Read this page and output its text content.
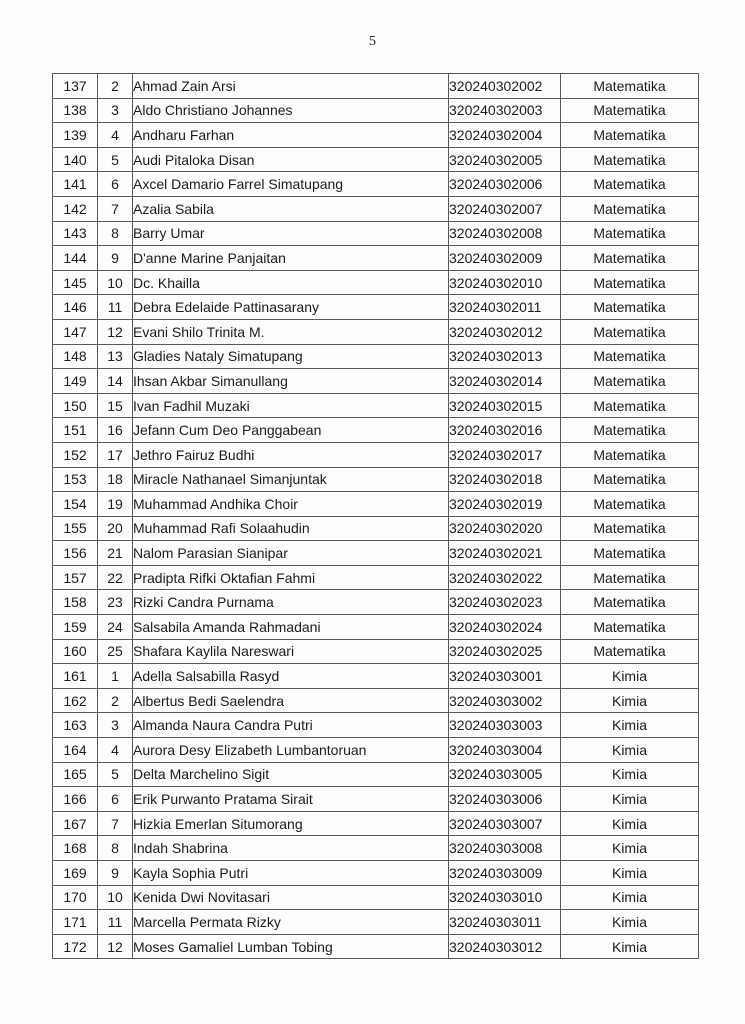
5
137	2	Ahmad Zain Arsi	320240302002	Matematika
138	3	Aldo Christiano Johannes	320240302003	Matematika
139	4	Andharu Farhan	320240302004	Matematika
140	5	Audi Pitaloka Disan	320240302005	Matematika
141	6	Axcel Damario Farrel Simatupang	320240302006	Matematika
142	7	Azalia Sabila	320240302007	Matematika
143	8	Barry Umar	320240302008	Matematika
144	9	D'anne Marine Panjaitan	320240302009	Matematika
145	10	Dc. Khailla	320240302010	Matematika
146	11	Debra Edelaide Pattinasarany	320240302011	Matematika
147	12	Evani Shilo Trinita M.	320240302012	Matematika
148	13	Gladies Nataly Simatupang	320240302013	Matematika
149	14	Ihsan Akbar Simanullang	320240302014	Matematika
150	15	Ivan Fadhil Muzaki	320240302015	Matematika
151	16	Jefann Cum Deo Panggabean	320240302016	Matematika
152	17	Jethro Fairuz Budhi	320240302017	Matematika
153	18	Miracle Nathanael Simanjuntak	320240302018	Matematika
154	19	Muhammad Andhika Choir	320240302019	Matematika
155	20	Muhammad Rafi Solaahudin	320240302020	Matematika
156	21	Nalom Parasian Sianipar	320240302021	Matematika
157	22	Pradipta Rifki Oktafian Fahmi	320240302022	Matematika
158	23	Rizki Candra Purnama	320240302023	Matematika
159	24	Salsabila Amanda Rahmadani	320240302024	Matematika
160	25	Shafara Kaylila Nareswari	320240302025	Matematika
161	1	Adella Salsabilla Rasyd	320240303001	Kimia
162	2	Albertus Bedi Saelendra	320240303002	Kimia
163	3	Almanda Naura Candra Putri	320240303003	Kimia
164	4	Aurora Desy Elizabeth Lumbantoruan	320240303004	Kimia
165	5	Delta Marchelino Sigit	320240303005	Kimia
166	6	Erik Purwanto Pratama Sirait	320240303006	Kimia
167	7	Hizkia Emerlan Situmorang	320240303007	Kimia
168	8	Indah Shabrina	320240303008	Kimia
169	9	Kayla Sophia Putri	320240303009	Kimia
170	10	Kenida Dwi Novitasari	320240303010	Kimia
171	11	Marcella Permata Rizky	320240303011	Kimia
172	12	Moses Gamaliel Lumban Tobing	320240303012	Kimia
